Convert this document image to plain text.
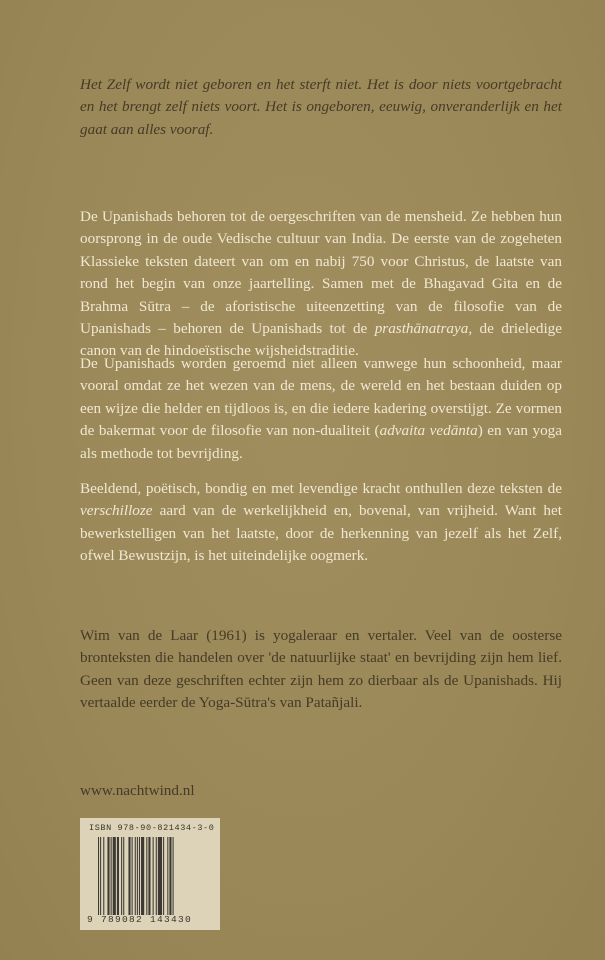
Het Zelf wordt niet geboren en het sterft niet. Het is door niets voortgebracht en het brengt zelf niets voort. Het is ongeboren, eeuwig, onveranderlijk en het gaat aan alles vooraf.

De Upanishads behoren tot de oergeschriften van de mensheid. Ze hebben hun oorsprong in de oude Vedische cultuur van India. De eerste van de zogeheten Klassieke teksten dateert van om en nabij 750 voor Christus, de laatste van rond het begin van onze jaartelling. Samen met de Bhagavad Gita en de Brahma Sūtra – de aforistische uiteenzetting van de filosofie van de Upanishads – behoren de Upanishads tot de prasthānatraya, de drieledige canon van de hindoeïstische wijsheidstraditie.

De Upanishads worden geroemd niet alleen vanwege hun schoonheid, maar vooral omdat ze het wezen van de mens, de wereld en het bestaan duiden op een wijze die helder en tijdloos is, en die iedere kadering overstijgt. Ze vormen de bakermat voor de filosofie van non-dualiteit (advaita vedānta) en van yoga als methode tot bevrijding.

Beeldend, poëtisch, bondig en met levendige kracht onthullen deze teksten de verschilloze aard van de werkelijkheid en, bovenal, van vrijheid. Want het bewerkstelligen van het laatste, door de herkenning van jezelf als het Zelf, ofwel Bewustzijn, is het uiteindelijke oogmerk.

Wim van de Laar (1961) is yogaleraar en vertaler. Veel van de oosterse bronteksten die handelen over 'de natuurlijke staat' en bevrijding zijn hem lief. Geen van deze geschriften echter zijn hem zo dierbaar als de Upanishads. Hij vertaalde eerder de Yoga-Sūtra's van Patañjali.

www.nachtwind.nl
ISBN 978-90-821434-3-0
9 789082 143430
